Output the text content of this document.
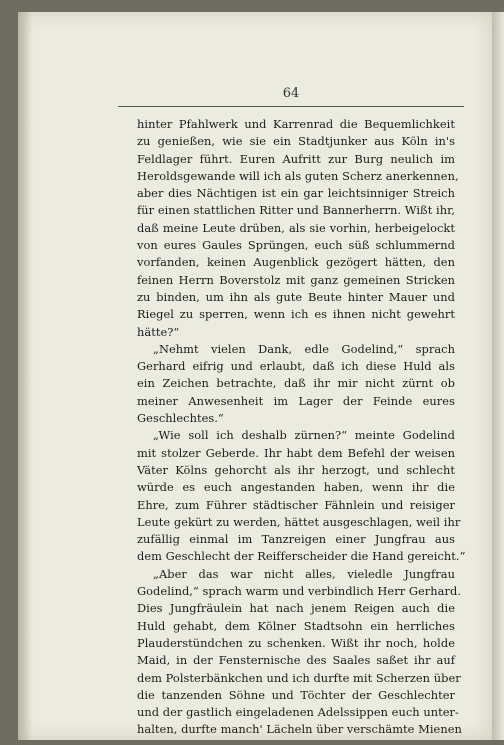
64
hinter Pfahlwerk und Karrenrad die Bequemlichkeit
zu genießen, wie sie ein Stadtjunker aus Köln in's
Feldlager führt. Euren Aufritt zur Burg neulich im
Heroldsgewande will ich als guten Scherz anerkennen,
aber dies Nächtigen ist ein gar leichtsinniger Streich
für einen stattlichen Ritter und Bannerherrn. Wißt ihr,
daß meine Leute drüben, als sie vorhin, herbeigelockt
von eures Gaules Sprüngen, euch süß schlummernd
vorfanden, keinen Augenblick gezögert hätten, den
feinen Herrn Boverstolz mit ganz gemeinen Stricken
zu binden, um ihn als gute Beute hinter Mauer und
Riegel zu sperren, wenn ich es ihnen nicht gewehrt
hätte?“
„Nehmt vielen Dank, edle Godelind,“ sprach
Gerhard eifrig und erlaubt, daß ich diese Huld als
ein Zeichen betrachte, daß ihr mir nicht zürnt ob
meiner Anwesenheit im Lager der Feinde eures
Geschlechtes.“
„Wie soll ich deshalb zürnen?“ meinte Godelind
mit stolzer Geberde. Ihr habt dem Befehl der weisen
Väter Kölns gehorcht als ihr herzogt, und schlecht
würde es euch angestanden haben, wenn ihr die
Ehre, zum Führer städtischer Fähnlein und reisiger
Leute gekürt zu werden, hättet ausgeschlagen, weil ihr
zufällig einmal im Tanzreigen einer Jungfrau aus
dem Geschlecht der Reifferscheider die Hand gereicht.“
„Aber das war nicht alles, vieledle Jungfrau
Godelind,“ sprach warm und verbindlich Herr Gerhard.
Dies Jungfräulein hat nach jenem Reigen auch die
Huld gehabt, dem Kölner Stadtsohn ein herrliches
Plauderstündchen zu schenken. Wißt ihr noch, holde
Maid, in der Fensternische des Saales saßet ihr auf
dem Polsterbänkchen und ich durfte mit Scherzen über
die tanzenden Söhne und Töchter der Geschlechter
und der gastlich eingeladenen Adelssippen euch unter-
halten, durfte manch' Lächeln über verschämte Mienen
